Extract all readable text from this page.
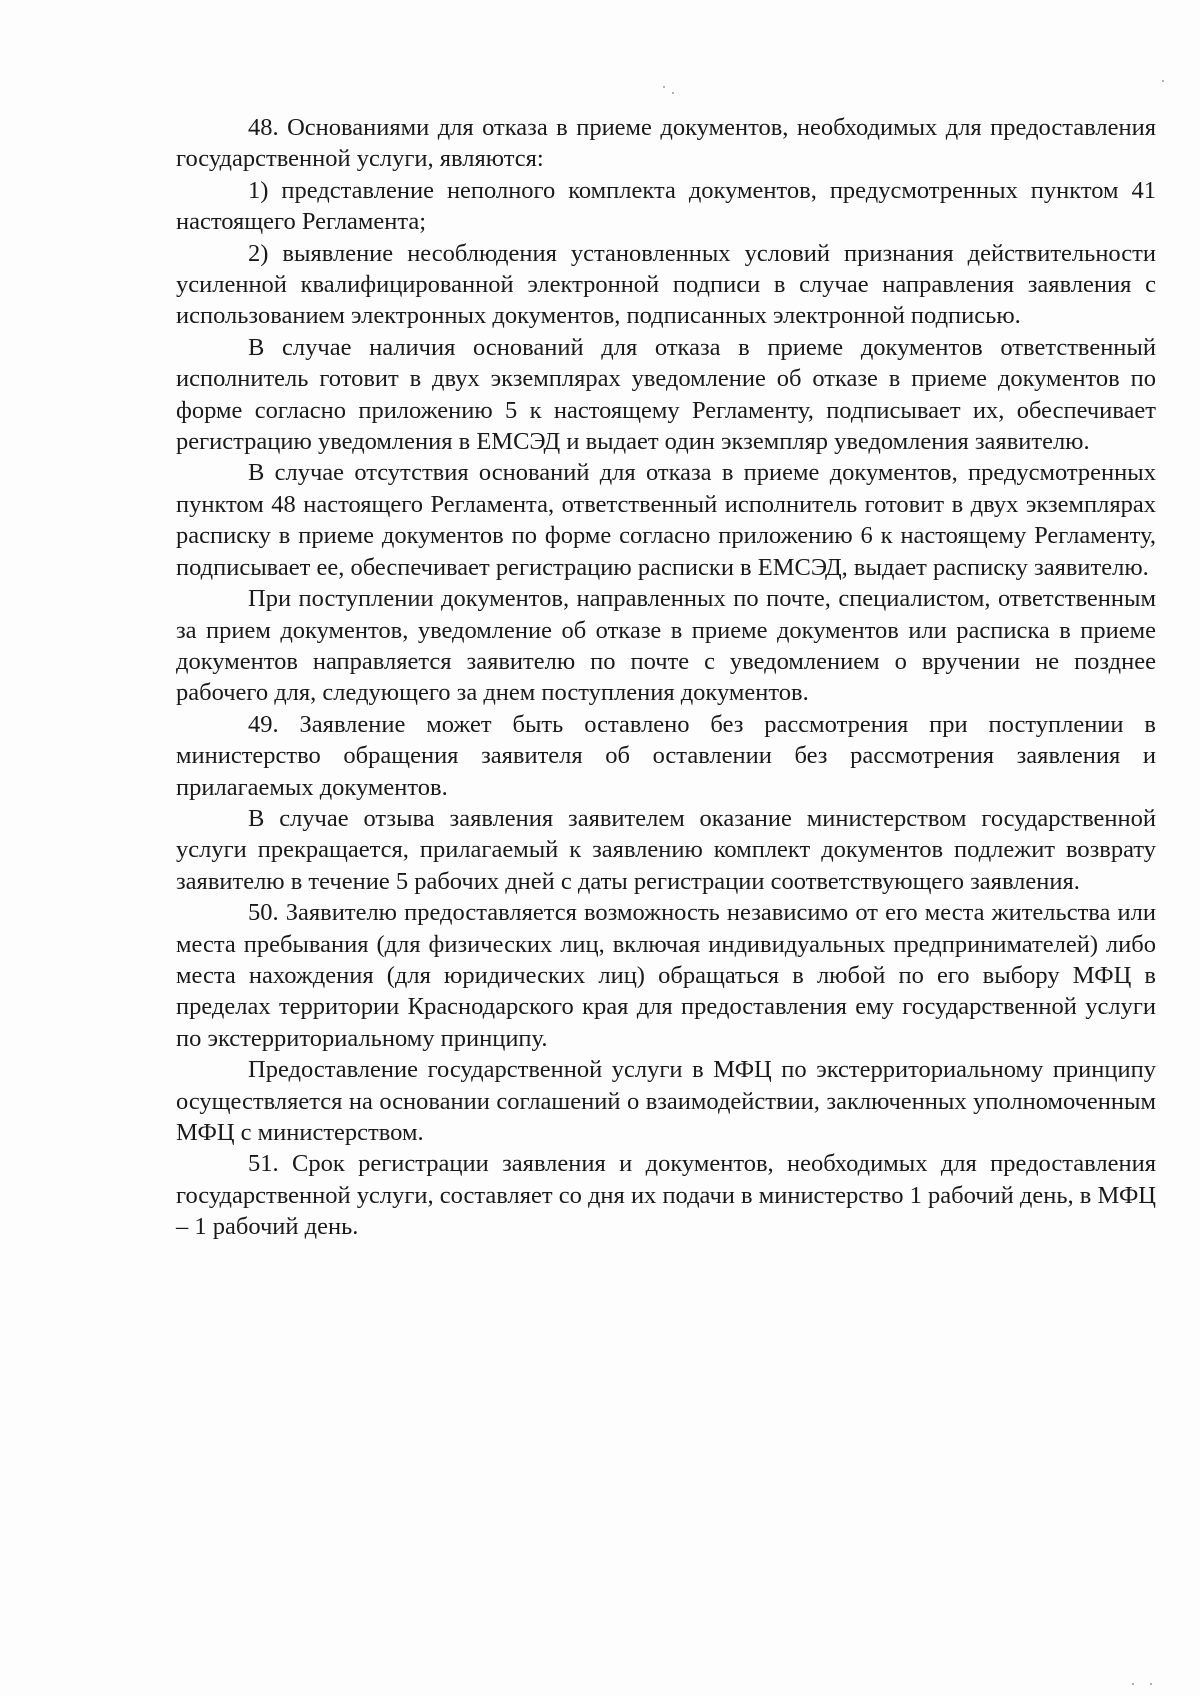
48. Основаниями для отказа в приеме документов, необходимых для предоставления государственной услуги, являются:

1) представление неполного комплекта документов, предусмотренных пунктом 41 настоящего Регламента;

2) выявление несоблюдения установленных условий признания действительности усиленной квалифицированной электронной подписи в случае направления заявления с использованием электронных документов, подписанных электронной подписью.

В случае наличия оснований для отказа в приеме документов ответственный исполнитель готовит в двух экземплярах уведомление об отказе в приеме документов по форме согласно приложению 5 к настоящему Регламенту, подписывает их, обеспечивает регистрацию уведомления в ЕМСЭД и выдает один экземпляр уведомления заявителю.

В случае отсутствия оснований для отказа в приеме документов, предусмотренных пунктом 48 настоящего Регламента, ответственный исполнитель готовит в двух экземплярах расписку в приеме документов по форме согласно приложению 6 к настоящему Регламенту, подписывает ее, обеспечивает регистрацию расписки в ЕМСЭД, выдает расписку заявителю.

При поступлении документов, направленных по почте, специалистом, ответственным за прием документов, уведомление об отказе в приеме документов или расписка в приеме документов направляется заявителю по почте с уведомлением о вручении не позднее рабочего для, следующего за днем поступления документов.

49. Заявление может быть оставлено без рассмотрения при поступлении в министерство обращения заявителя об оставлении без рассмотрения заявления и прилагаемых документов.

В случае отзыва заявления заявителем оказание министерством государственной услуги прекращается, прилагаемый к заявлению комплект документов подлежит возврату заявителю в течение 5 рабочих дней с даты регистрации соответствующего заявления.

50. Заявителю предоставляется возможность независимо от его места жительства или места пребывания (для физических лиц, включая индивидуальных предпринимателей) либо места нахождения (для юридических лиц) обращаться в любой по его выбору МФЦ в пределах территории Краснодарского края для предоставления ему государственной услуги по экстерриториальному принципу.

Предоставление государственной услуги в МФЦ по экстерриториальному принципу осуществляется на основании соглашений о взаимодействии, заключенных уполномоченным МФЦ с министерством.

51. Срок регистрации заявления и документов, необходимых для предоставления государственной услуги, составляет со дня их подачи в министерство 1 рабочий день, в МФЦ – 1 рабочий день.
